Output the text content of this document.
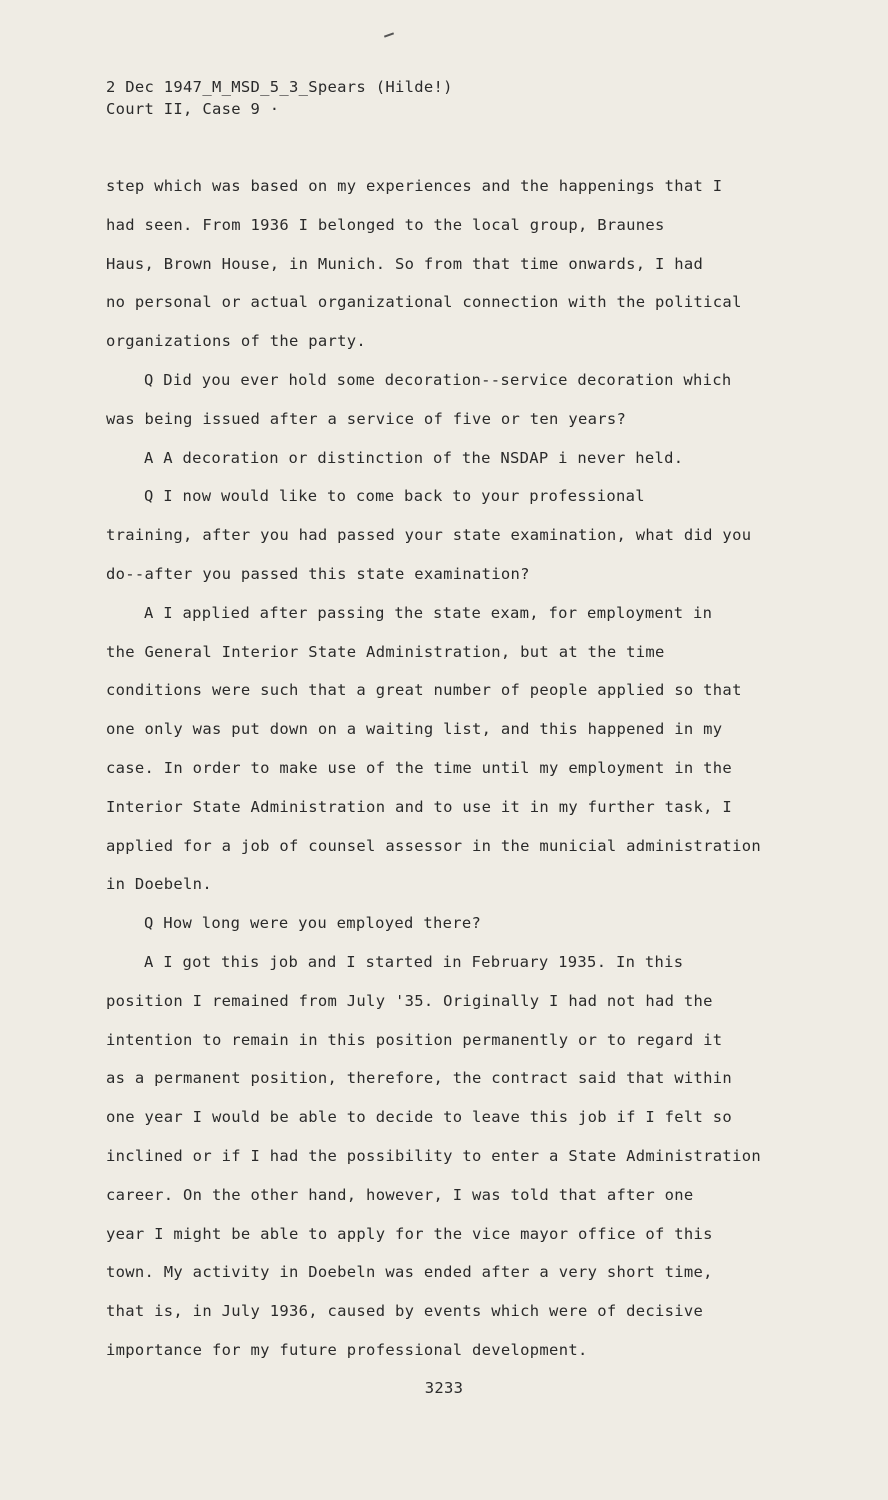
2 Dec 1947_M_MSD_5_3_Spears (Hilde!)
Court II, Case 9 ·
step which was based on my experiences and the happenings that I
had seen. From 1936 I belonged to the local group, Braunes
Haus, Brown House, in Munich. So from that time onwards, I had
no personal or actual organizational connection with the political
organizations of the party.
Q Did you ever hold some decoration--service decoration which
was being issued after a service of five or ten years?
A A decoration or distinction of the NSDAP i never held.
Q I now would like to come back to your professional
training, after you had passed your state examination, what did you
do--after you passed this state examination?
A I applied after passing the state exam, for employment in
the General Interior State Administration, but at the time
conditions were such that a great number of people applied so that
one only was put down on a waiting list, and this happened in my
case. In order to make use of the time until my employment in the
Interior State Administration and to use it in my further task, I
applied for a job of counsel assessor in the municial administration
in Doebeln.
Q How long were you employed there?
A I got this job and I started in February 1935. In this
position I remained from July '35. Originally I had not had the
intention to remain in this position permanently or to regard it
as a permanent position, therefore, the contract said that within
one year I would be able to decide to leave this job if I felt so
inclined or if I had the possibility to enter a State Administration
career. On the other hand, however, I was told that after one
year I might be able to apply for the vice mayor office of this
town. My activity in Doebeln was ended after a very short time,
that is, in July 1936, caused by events which were of decisive
importance for my future professional development.
3233
